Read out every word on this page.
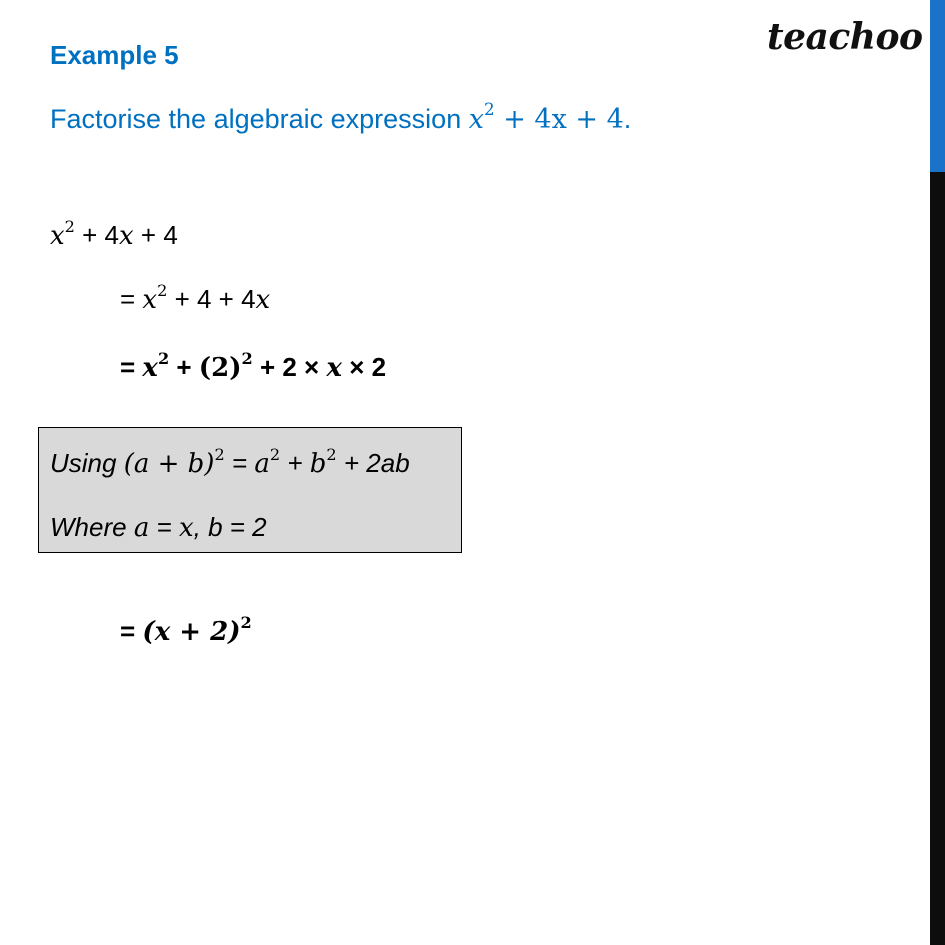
Example 5	teachoo
Factorise the algebraic expression $x^2 + 4x + 4$.
$x^2 + 4x + 4$
= $x^2 + 4 + 4x$
= $x^2 + (2)^2 + 2 \times x \times 2$
Using $(a + b)^2 = a^2 + b^2 + 2ab$
Where a = x, b = 2
= $(x + 2)^2$
